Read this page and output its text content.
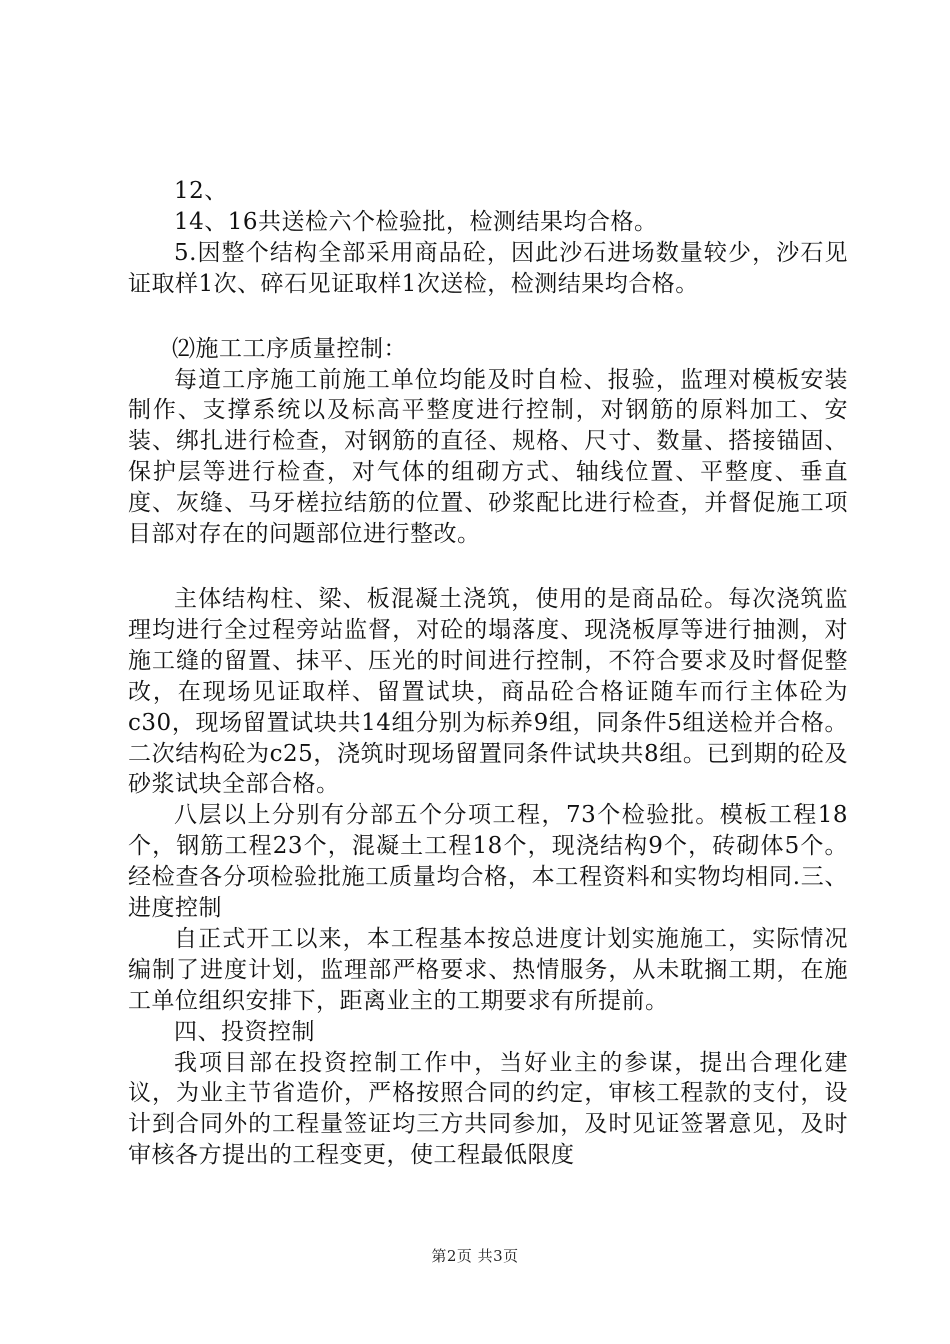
12、

14、16共送检六个检验批，检测结果均合格。

5.因整个结构全部采用商品砼，因此沙石进场数量较少，沙石见证取样1次、碎石见证取样1次送检，检测结果均合格。

⑵施工工序质量控制：

每道工序施工前施工单位均能及时自检、报验，监理对模板安装制作、支撑系统以及标高平整度进行控制，对钢筋的原料加工、安装、绑扎进行检查，对钢筋的直径、规格、尺寸、数量、搭接锚固、保护层等进行检查，对气体的组砌方式、轴线位置、平整度、垂直度、灰缝、马牙槎拉结筋的位置、砂浆配比进行检查，并督促施工项目部对存在的问题部位进行整改。

主体结构柱、梁、板混凝土浇筑，使用的是商品砼。每次浇筑监理均进行全过程旁站监督，对砼的塌落度、现浇板厚等进行抽测，对施工缝的留置、抹平、压光的时间进行控制，不符合要求及时督促整改，在现场见证取样、留置试块，商品砼合格证随车而行主体砼为c30，现场留置试块共14组分别为标养9组，同条件5组送检并合格。二次结构砼为c25，浇筑时现场留置同条件试块共8组。已到期的砼及砂浆试块全部合格。

八层以上分别有分部五个分项工程，73个检验批。模板工程18个，钢筋工程23个，混凝土工程18个，现浇结构9个，砖砌体5个。经检查各分项检验批施工质量均合格，本工程资料和实物均相同.三、进度控制

自正式开工以来，本工程基本按总进度计划实施施工，实际情况编制了进度计划，监理部严格要求、热情服务，从未耽搁工期，在施工单位组织安排下，距离业主的工期要求有所提前。

四、投资控制

我项目部在投资控制工作中，当好业主的参谋，提出合理化建议，为业主节省造价，严格按照合同的约定，审核工程款的支付，设计到合同外的工程量签证均三方共同参加，及时见证签署意见，及时审核各方提出的工程变更，使工程最低限度

第2页 共3页
